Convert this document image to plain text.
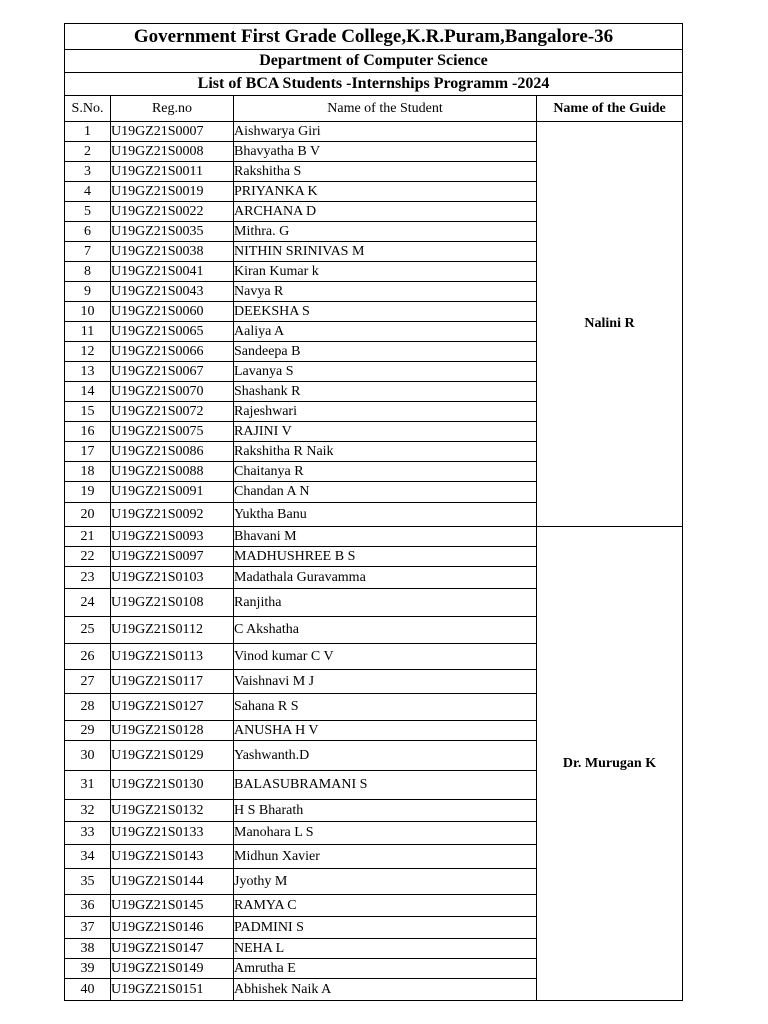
Government First Grade College,K.R.Puram,Bangalore-36			
Department of Computer Science			
List of BCA Students -Internships Programm -2024			
S.No.	Reg.no	Name of the Student	Name of the Guide
1	U19GZ21S0007	Aishwarya Giri	Nalini R
2	U19GZ21S0008	Bhavyatha B V	
3	U19GZ21S0011	Rakshitha S	
4	U19GZ21S0019	PRIYANKA K	
5	U19GZ21S0022	ARCHANA D	
6	U19GZ21S0035	Mithra. G	
7	U19GZ21S0038	NITHIN SRINIVAS M	
8	U19GZ21S0041	Kiran Kumar k	
9	U19GZ21S0043	Navya R	
10	U19GZ21S0060	DEEKSHA S	
11	U19GZ21S0065	Aaliya A	
12	U19GZ21S0066	Sandeepa B	
13	U19GZ21S0067	Lavanya S	
14	U19GZ21S0070	Shashank R	
15	U19GZ21S0072	Rajeshwari	
16	U19GZ21S0075	RAJINI V	
17	U19GZ21S0086	Rakshitha R Naik	
18	U19GZ21S0088	Chaitanya R	
19	U19GZ21S0091	Chandan A N	
20	U19GZ21S0092	Yuktha Banu	
21	U19GZ21S0093	Bhavani M	Dr. Murugan K
22	U19GZ21S0097	MADHUSHREE B S	
23	U19GZ21S0103	Madathala Guravamma	
24	U19GZ21S0108	Ranjitha	
25	U19GZ21S0112	C Akshatha	
26	U19GZ21S0113	Vinod kumar C V	
27	U19GZ21S0117	Vaishnavi M J	
28	U19GZ21S0127	Sahana R S	
29	U19GZ21S0128	ANUSHA H V	
30	U19GZ21S0129	Yashwanth.D	
31	U19GZ21S0130	BALASUBRAMANI S	
32	U19GZ21S0132	H S Bharath	
33	U19GZ21S0133	Manohara L S	
34	U19GZ21S0143	Midhun Xavier	
35	U19GZ21S0144	Jyothy M	
36	U19GZ21S0145	RAMYA C	
37	U19GZ21S0146	PADMINI S	
38	U19GZ21S0147	NEHA L	
39	U19GZ21S0149	Amrutha E	
40	U19GZ21S0151	Abhishek Naik A	
